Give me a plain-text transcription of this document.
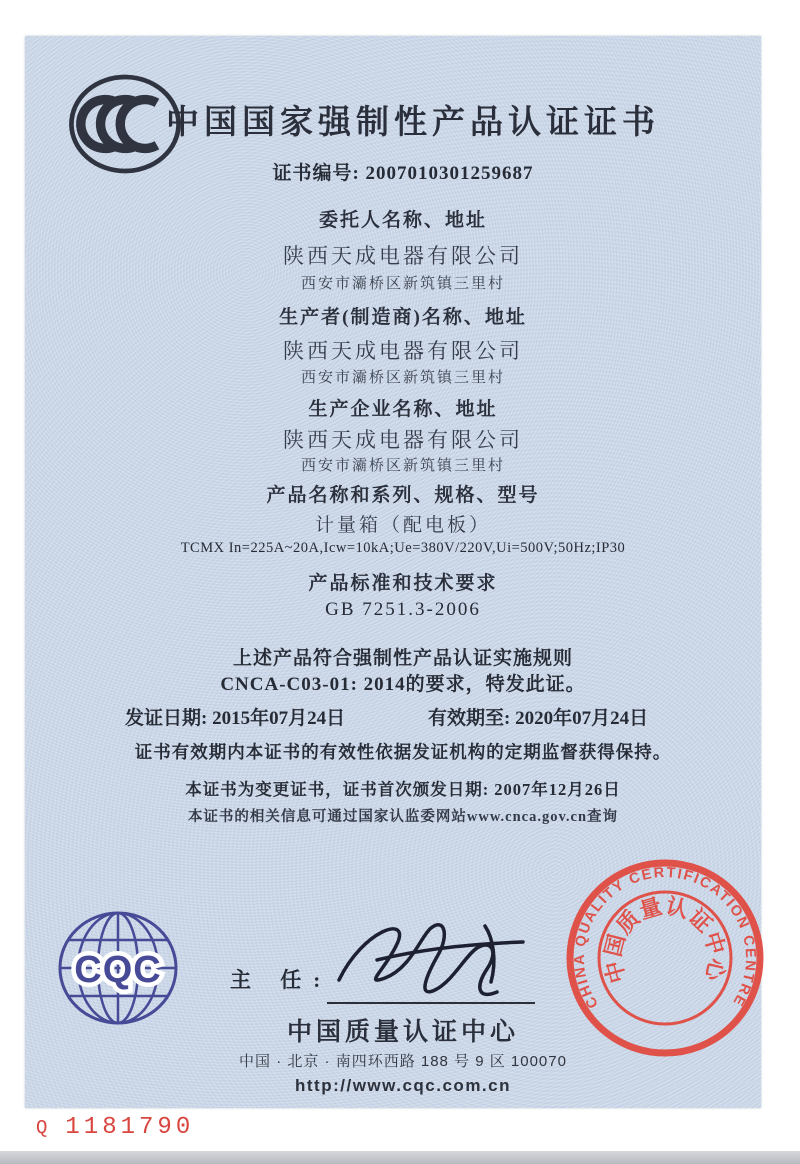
中国国家强制性产品认证证书
证书编号: 2007010301259687
委托人名称、地址
陕西天成电器有限公司
西安市灞桥区新筑镇三里村
生产者(制造商)名称、地址
陕西天成电器有限公司
西安市灞桥区新筑镇三里村
生产企业名称、地址
陕西天成电器有限公司
西安市灞桥区新筑镇三里村
产品名称和系列、规格、型号
计量箱（配电板）
TCMX In=225A~20A,Icw=10kA;Ue=380V/220V,Ui=500V;50Hz;IP30
产品标准和技术要求
GB 7251.3-2006
上述产品符合强制性产品认证实施规则
CNCA-C03-01: 2014的要求，特发此证。
发证日期: 2015年07月24日	有效期至: 2020年07月24日
证书有效期内本证书的有效性依据发证机构的定期监督获得保持。
本证书为变更证书，证书首次颁发日期: 2007年12月26日
本证书的相关信息可通过国家认监委网站www.cnca.gov.cn查询
CQC	主 任:
中国质量认证中心
中国 · 北京 · 南四环西路 188 号 9 区 100070
http://www.cqc.com.cn
CHINA QUALITY CERTIFICATION CENTRE
中国质量认证中心
Q 1181790
